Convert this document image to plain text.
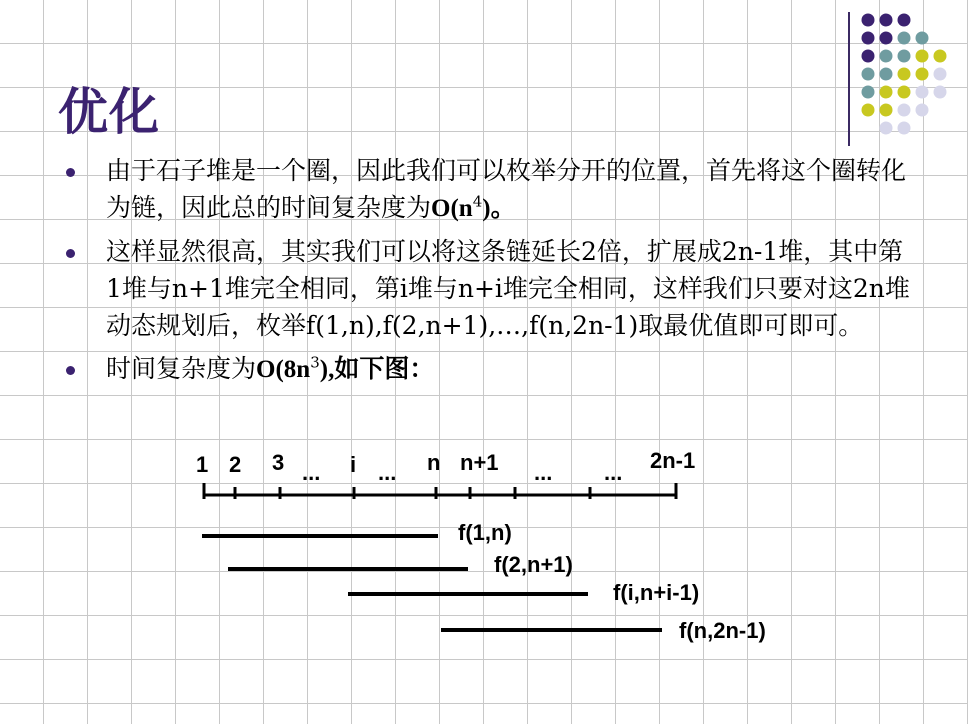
优化
由于石子堆是一个圈，因此我们可以枚举分开的位置，首先将这个圈转化为链，因此总的时间复杂度为$O(n^4)$。
这样显然很高，其实我们可以将这条链延长2倍，扩展成2n-1堆，其中第1堆与n+1堆完全相同，第i堆与n+i堆完全相同，这样我们只要对这2n堆动态规划后，枚举f(1,n),f(2,n+1),…,f(n,2n-1)取最优值即可即可。
时间复杂度为$O(8n^3)$,如下图：
1 2 3 ... i ... n n+1 ... ... 2n-1
f(1,n)
f(2,n+1)
f(i,n+i-1)
f(n,2n-1)
